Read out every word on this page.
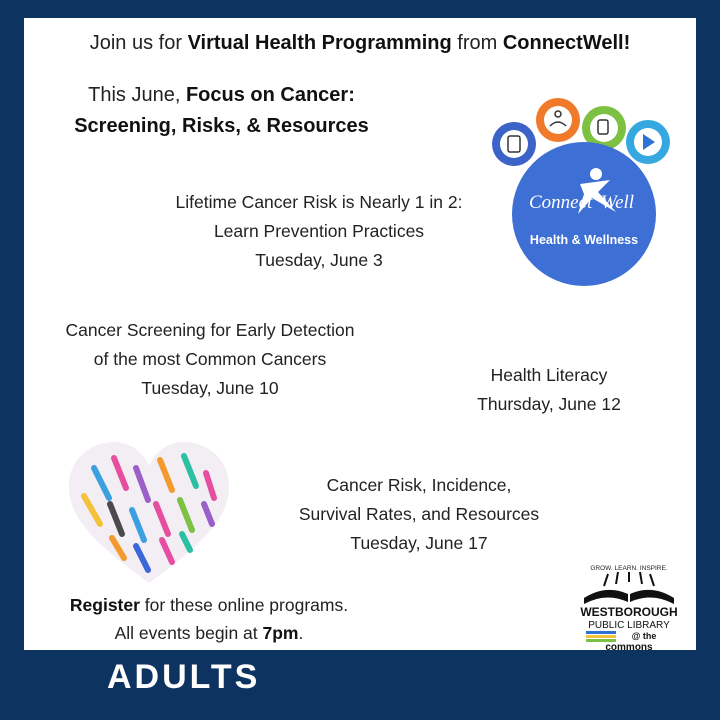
Join us for Virtual Health Programming from ConnectWell!
This June, Focus on Cancer:
Screening, Risks, & Resources
Lifetime Cancer Risk is Nearly 1 in 2:
Learn Prevention Practices
Tuesday, June 3
Cancer Screening for Early Detection
of the most Common Cancers
Tuesday, June 10
Health Literacy
Thursday, June 12
Cancer Risk, Incidence,
Survival Rates, and Resources
Tuesday, June 17
Connect Well
Health & Wellness
Register for these online programs.
All events begin at 7pm.
GROW. LEARN. INSPIRE.
WESTBOROUGH
PUBLIC LIBRARY
@ the
commons
ADULTS
